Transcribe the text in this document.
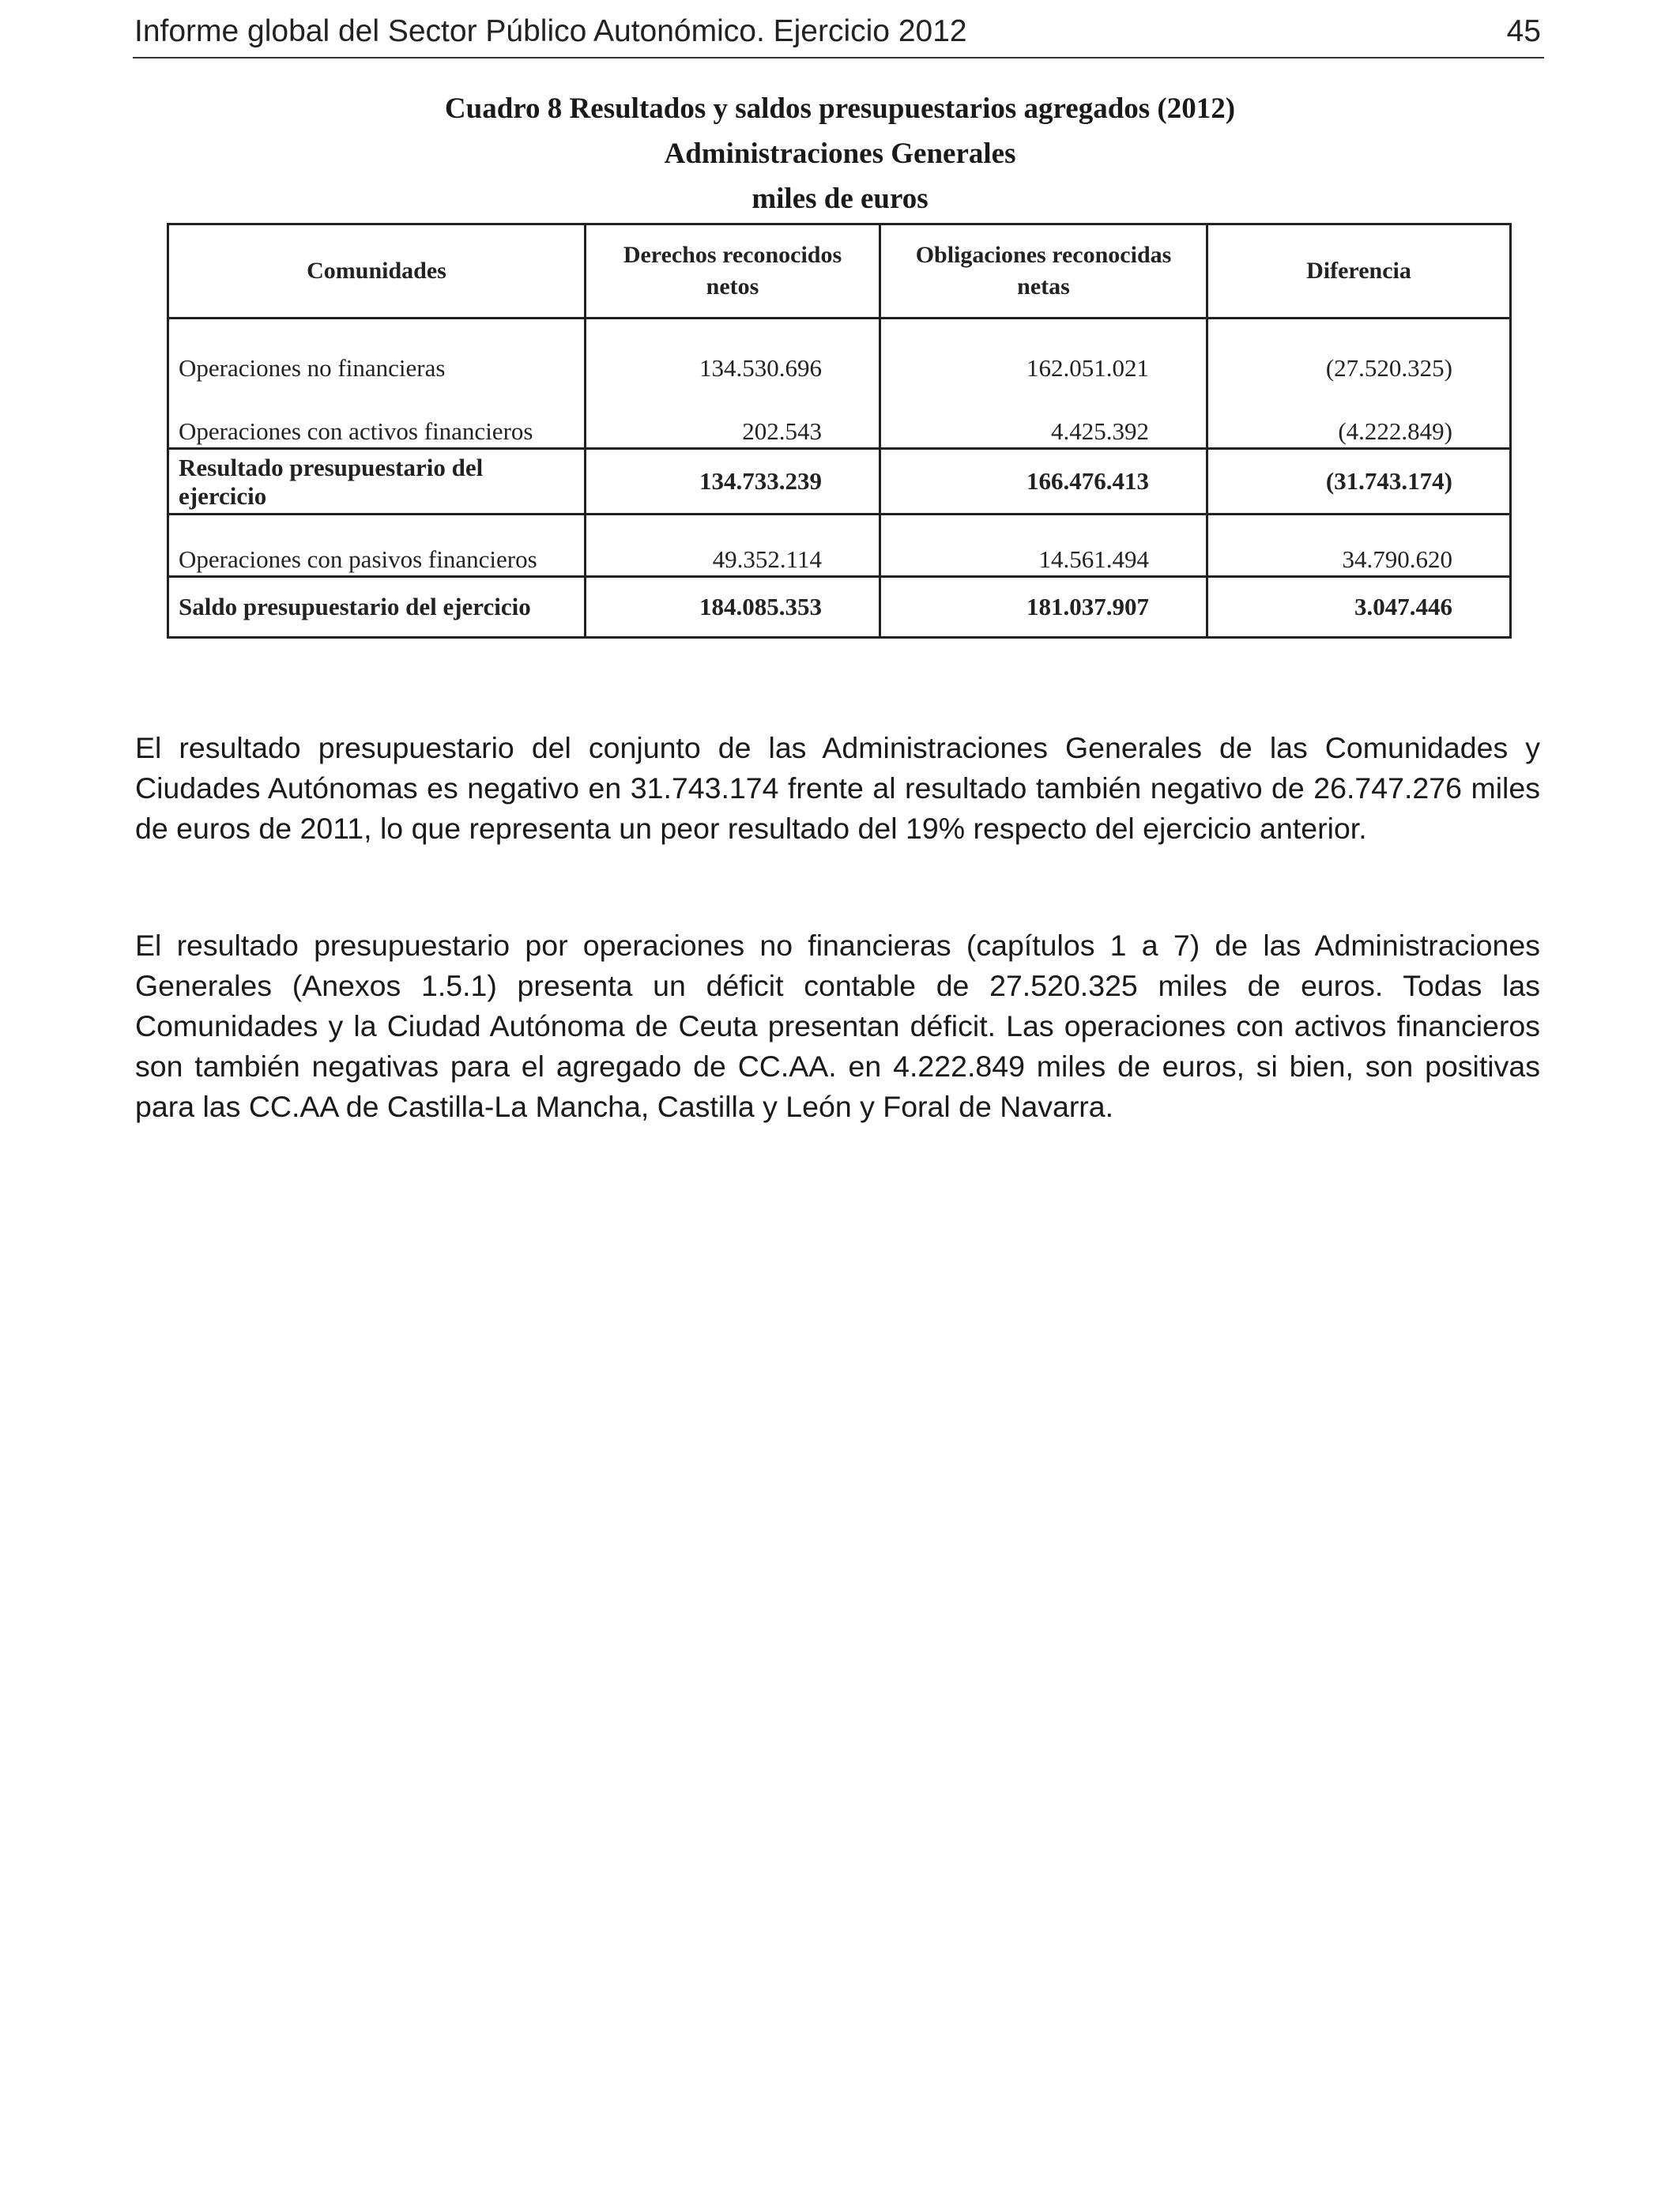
Informe global del Sector Público Autonómico. Ejercicio 2012	45
Cuadro 8 Resultados y saldos presupuestarios agregados (2012)
Administraciones Generales
miles de euros
Comunidades	Derechos reconocidos netos	Obligaciones reconocidas netas	Diferencia
Operaciones no financieras	134.530.696	162.051.021	(27.520.325)
Operaciones con activos financieros	202.543	4.425.392	(4.222.849)
Resultado presupuestario del ejercicio	134.733.239	166.476.413	(31.743.174)
Operaciones con pasivos financieros	49.352.114	14.561.494	34.790.620
Saldo presupuestario del ejercicio	184.085.353	181.037.907	3.047.446

El resultado presupuestario del conjunto de las Administraciones Generales de las Comunidades y Ciudades Autónomas es negativo en 31.743.174 frente al resultado también negativo de 26.747.276 miles de euros de 2011, lo que representa un peor resultado del 19% respecto del ejercicio anterior.

El resultado presupuestario por operaciones no financieras (capítulos 1 a 7) de las Administraciones Generales (Anexos 1.5.1) presenta un déficit contable de 27.520.325 miles de euros. Todas las Comunidades y la Ciudad Autónoma de Ceuta presentan déficit. Las operaciones con activos financieros son también negativas para el agregado de CC.AA. en 4.222.849 miles de euros, si bien, son positivas para las CC.AA de Castilla-La Mancha, Castilla y León y Foral de Navarra.
